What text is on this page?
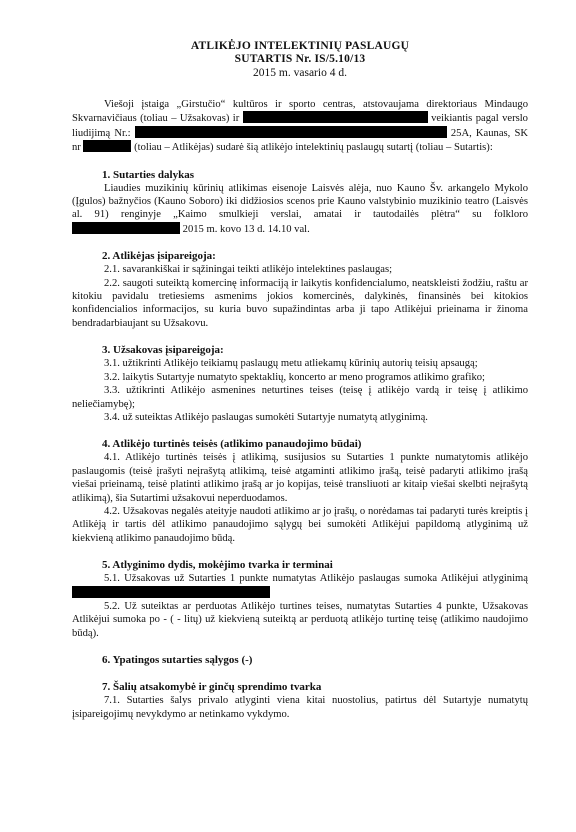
ATLIKĖJO INTELEKTINIŲ PASLAUGŲ
SUTARTIS Nr. IS/5.10/13
2015 m. vasario 4 d.

Viešoji įstaiga „Girstučio“ kultūros ir sporto centras, atstovaujama direktoriaus Mindaugo Skvarnavičiaus (toliau – Užsakovas) ir	veikiantis pagal verslo liudijimą Nr.:	25A, Kaunas, SK nr	(toliau – Atlikėjas) sudarė šią atlikėjo intelektinių paslaugų sutartį (toliau – Sutartis):

1. Sutarties dalykas

Liaudies muzikinių kūrinių atlikimas eisenoje Laisvės alėja, nuo Kauno Šv. arkangelo Mykolo (Įgulos) bažnyčios (Kauno Soboro) iki didžiosios scenos prie Kauno valstybinio muzikinio teatro (Laisvės al. 91) renginyje „Kaimo smulkieji verslai, amatai ir tautodailės plėtra“ su folkloro  2015 m. kovo 13 d. 14.10 val.

2. Atlikėjas įsipareigoja:

2.1. savarankiškai ir sąžiningai teikti atlikėjo intelektines paslaugas;

2.2. saugoti suteiktą komercinę informaciją ir laikytis konfidencialumo, neatskleisti žodžiu, raštu ar kitokiu pavidalu tretiesiems asmenims jokios komercinės, dalykinės, finansinės bei kitokios konfidencialios informacijos, su kuria buvo supažindintas arba ji tapo Atlikėjui prieinama ir žinoma bendradarbiaujant su Užsakovu.

3. Užsakovas įsipareigoja:

3.1. užtikrinti Atlikėjo teikiamų paslaugų metu atliekamų kūrinių autorių teisių apsaugą;

3.2. laikytis Sutartyje numatyto spektaklių, koncerto ar meno programos atlikimo grafiko;

3.3. užtikrinti Atlikėjo asmenines neturtines teises (teisę į atlikėjo vardą ir teisę į atlikimo neliečiamybę);

3.4. už suteiktas Atlikėjo paslaugas sumokėti Sutartyje numatytą atlyginimą.

4. Atlikėjo turtinės teisės (atlikimo panaudojimo būdai)

4.1. Atlikėjo turtinės teisės į atlikimą, susijusios su Sutarties 1 punkte numatytomis atlikėjo paslaugomis (teisė įrašyti neįrašytą atlikimą, teisė atgaminti atlikimo įrašą, teisė padaryti atlikimo įrašą viešai prieinamą, teisė platinti atlikimo įrašą ar jo kopijas, teisė transliuoti ar kitaip viešai skelbti neįrašytą atlikimą), šia Sutartimi užsakovui neperduodamos.

4.2. Užsakovas negalės ateityje naudoti atlikimo ar jo įrašų, o norėdamas tai padaryti turės kreiptis į Atlikėją ir tartis dėl atlikimo panaudojimo sąlygų bei sumokėti Atlikėjui papildomą atlyginimą už kiekvieną atlikimo panaudojimo būdą.

5. Atlyginimo dydis, mokėjimo tvarka ir terminai

5.1. Užsakovas už Sutarties 1 punkte numatytas Atlikėjo paslaugas sumoka Atlikėjui atlyginimą

5.2. Už suteiktas ar perduotas Atlikėjo turtines teises, numatytas Sutarties 4 punkte, Užsakovas Atlikėjui sumoka po - ( - litų) už kiekvieną suteiktą ar perduotą atlikėjo turtinę teisę (atlikimo naudojimo būdą).

6. Ypatingos sutarties sąlygos (-)
7. Šalių atsakomybė ir ginčų sprendimo tvarka

7.1. Sutarties šalys privalo atlyginti viena kitai nuostolius, patirtus dėl Sutartyje numatytų įsipareigojimų nevykdymo ar netinkamo vykdymo.
